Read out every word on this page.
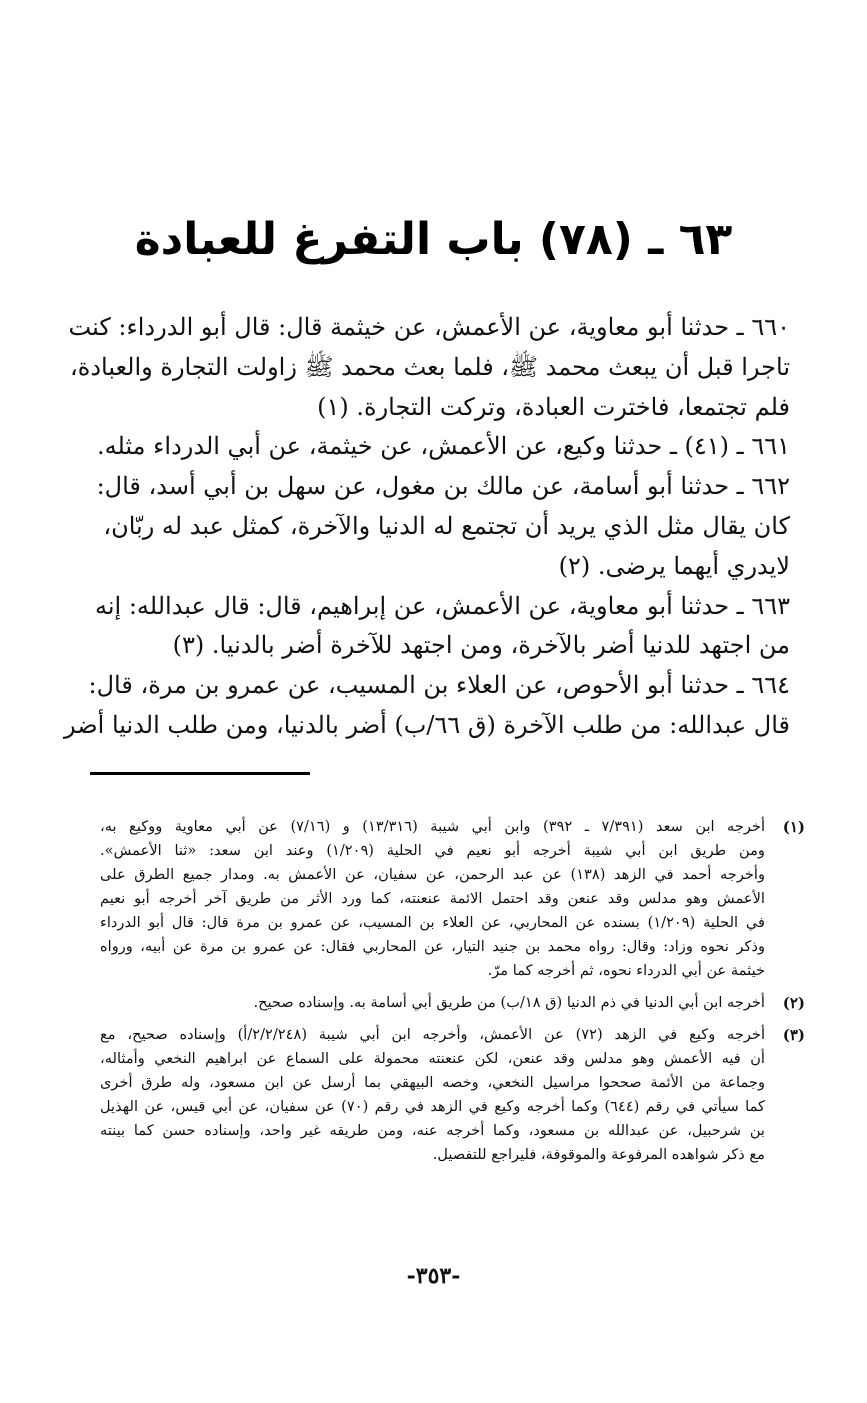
٦٣ ـ (٧٨) باب التفرغ للعبادة
٦٦٠ ـ حدثنا أبو معاوية، عن الأعمش، عن خيثمة قال: قال أبو الدرداء: كنت
تاجرا قبل أن يبعث محمد ﷺ، فلما بعث محمد ﷺ زاولت التجارة والعبادة،
فلم تجتمعا، فاخترت العبادة، وتركت التجارة. (١)
٦٦١ ـ (٤١) ـ حدثنا وكيع، عن الأعمش، عن خيثمة، عن أبي الدرداء مثله.
٦٦٢ ـ حدثنا أبو أسامة، عن مالك بن مغول، عن سهل بن أبي أسد، قال:
كان يقال مثل الذي يريد أن تجتمع له الدنيا والآخرة، كمثل عبد له ربّان،
لايدري أيهما يرضى. (٢)
٦٦٣ ـ حدثنا أبو معاوية، عن الأعمش، عن إبراهيم، قال: قال عبدالله: إنه
من اجتهد للدنيا أضر بالآخرة، ومن اجتهد للآخرة أضر بالدنيا. (٣)
٦٦٤ ـ حدثنا أبو الأحوص، عن العلاء بن المسيب، عن عمرو بن مرة، قال:
قال عبدالله: من طلب الآخرة (ق ٦٦/ب) أضر بالدنيا، ومن طلب الدنيا أضر
(١)
أخرجه ابن سعد (٧/٣٩١ ـ ٣٩٢) وابن أبي شيبة (١٣/٣١٦) و (٧/١٦) عن أبي معاوية ووكيع به،
ومن طريق ابن أبي شيبة أخرجه أبو نعيم في الحلية (١/٢٠٩) وعند ابن سعد: «ثنا الأعمش».
وأخرجه أحمد في الزهد (١٣٨) عن عبد الرحمن، عن سفيان، عن الأعمش به. ومدار جميع الطرق على
الأعمش وهو مدلس وقد عنعن وقد احتمل الائمة عنعنته، كما ورد الأثر من طريق آخر أخرجه أبو نعيم
في الحلية (١/٢٠٩) بسنده عن المحاربي، عن العلاء بن المسيب، عن عمرو بن مرة قال: قال أبو الدرداء
وذكر نحوه وزاد: وقال: رواه محمد بن جنيد التيار، عن المحاربي فقال: عن عمرو بن مرة عن أبيه، ورواه
خيثمة عن أبي الدرداء نحوه، ثم أخرجه كما مرّ.
(٢)
أخرجه ابن أبي الدنيا في ذم الدنيا (ق ١٨/ب) من طريق أبي أسامة به. وإسناده صحيح.
(٣)
أخرجه وكيع في الزهد (٧٢) عن الأعمش، وأخرجه ابن أبي شيبة (٢/٢/٢٤٨/أ) وإسناده صحيح، مع
أن فيه الأعمش وهو مدلس وقد عنعن، لكن عنعنته محمولة على السماع عن ابراهيم النخعي وأمثاله،
وجماعة من الأئمة صححوا مراسيل النخعي، وخصه البيهقي بما أرسل عن ابن مسعود، وله طرق أخرى
كما سيأتي في رقم (٦٤٤) وكما أخرجه وكيع في الزهد في رقم (٧٠) عن سفيان، عن أبي قيس، عن الهذيل
بن شرحبيل، عن عبدالله بن مسعود، وكما أخرجه عنه، ومن طريقه غير واحد، وإسناده حسن كما بينته
مع ذكر شواهده المرفوعة والموقوفة، فليراجع للتفصيل.

-٣٥٣-
